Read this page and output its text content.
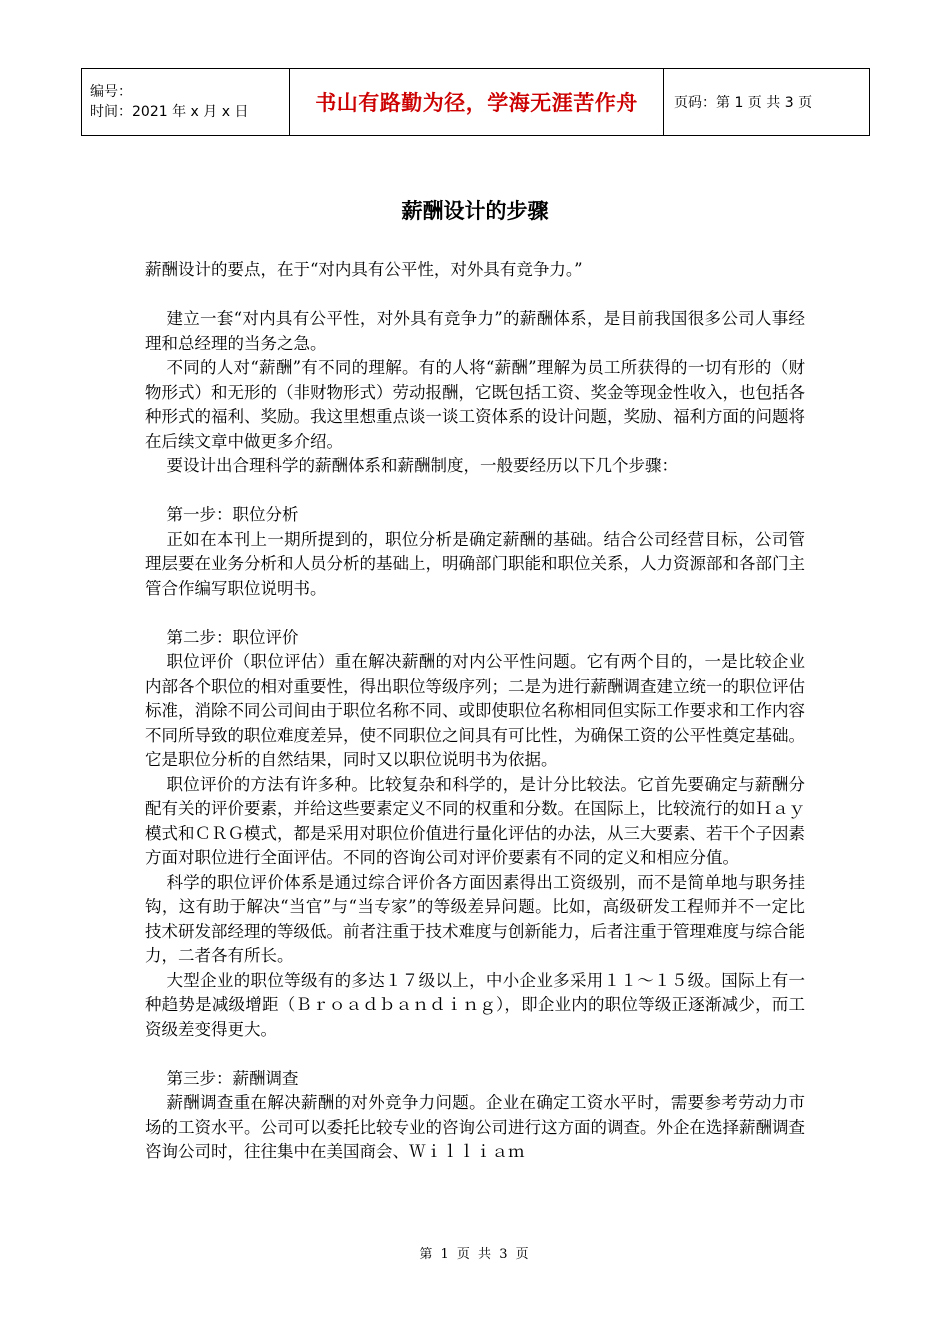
编号：
时间：2021 年 x 月 x 日	书山有路勤为径，学海无涯苦作舟	页码：第 1 页 共 3 页
薪酬设计的步骤

薪酬设计的要点，在于“对内具有公平性，对外具有竞争力。”

建立一套“对内具有公平性，对外具有竞争力”的薪酬体系，是目前我国很多公司人事经理和总经理的当务之急。

不同的人对“薪酬”有不同的理解。有的人将“薪酬”理解为员工所获得的一切有形的（财物形式）和无形的（非财物形式）劳动报酬，它既包括工资、奖金等现金性收入，也包括各种形式的福利、奖励。我这里想重点谈一谈工资体系的设计问题，奖励、福利方面的问题将在后续文章中做更多介绍。

要设计出合理科学的薪酬体系和薪酬制度，一般要经历以下几个步骤：

第一步：职位分析

正如在本刊上一期所提到的，职位分析是确定薪酬的基础。结合公司经营目标，公司管理层要在业务分析和人员分析的基础上，明确部门职能和职位关系，人力资源部和各部门主管合作编写职位说明书。

第二步：职位评价

职位评价（职位评估）重在解决薪酬的对内公平性问题。它有两个目的，一是比较企业内部各个职位的相对重要性，得出职位等级序列；二是为进行薪酬调查建立统一的职位评估标准，消除不同公司间由于职位名称不同、或即使职位名称相同但实际工作要求和工作内容不同所导致的职位难度差异，使不同职位之间具有可比性，为确保工资的公平性奠定基础。它是职位分析的自然结果，同时又以职位说明书为依据。

职位评价的方法有许多种。比较复杂和科学的，是计分比较法。它首先要确定与薪酬分配有关的评价要素，并给这些要素定义不同的权重和分数。在国际上，比较流行的如Ｈａｙ模式和ＣＲＧ模式，都是采用对职位价值进行量化评估的办法，从三大要素、若干个子因素方面对职位进行全面评估。不同的咨询公司对评价要素有不同的定义和相应分值。

科学的职位评价体系是通过综合评价各方面因素得出工资级别，而不是简单地与职务挂钩，这有助于解决“当官”与“当专家”的等级差异问题。比如，高级研发工程师并不一定比技术研发部经理的等级低。前者注重于技术难度与创新能力，后者注重于管理难度与综合能力，二者各有所长。

大型企业的职位等级有的多达１７级以上，中小企业多采用１１～１５级。国际上有一种趋势是减级增距（Ｂｒｏａｄｂａｎｄｉｎｇ），即企业内的职位等级正逐渐减少，而工资级差变得更大。

第三步：薪酬调查

薪酬调查重在解决薪酬的对外竞争力问题。企业在确定工资水平时，需要参考劳动力市场的工资水平。公司可以委托比较专业的咨询公司进行这方面的调查。外企在选择薪酬调查咨询公司时，往往集中在美国商会、Ｗｉｌｌｉａｍ

第 1 页 共 3 页
